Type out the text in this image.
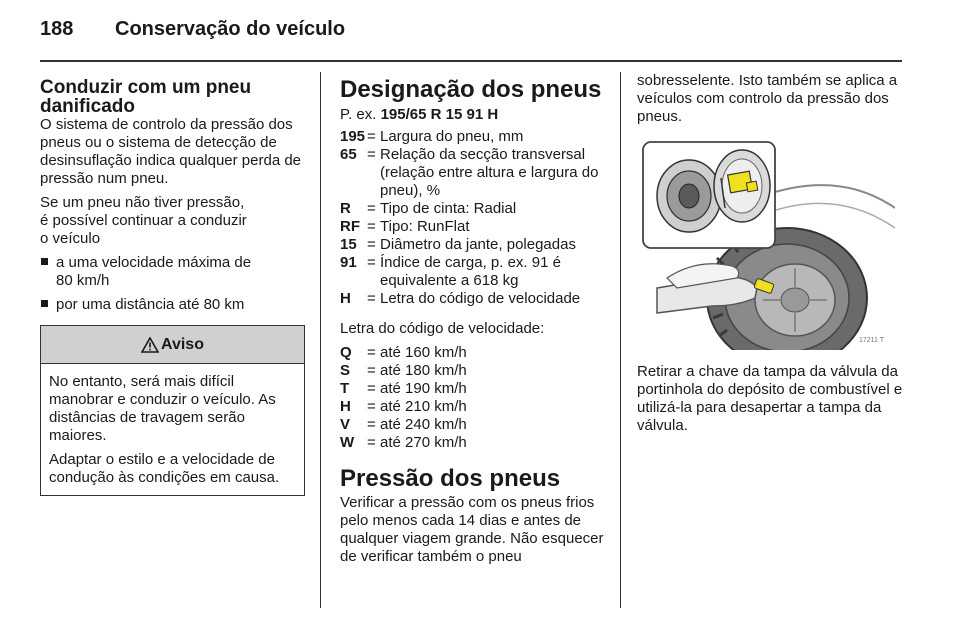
188 Conservação do veículo
Conduzir com um pneu danificado

O sistema de controlo da pressão dos pneus ou o sistema de detecção de desinsuflação indica qualquer perda de pressão num pneu.

Se um pneu não tiver pressão,
é possível continuar a conduzir
o veículo

a uma velocidade máxima de
80 km/h
por uma distância até 80 km
Aviso

No entanto, será mais difícil manobrar e conduzir o veículo. As distâncias de travagem serão maiores.

Adaptar o estilo e a velocidade de condução às condições em causa.

Designação dos pneus

P. ex. 195/65 R 15 91 H

195 = Largura do pneu, mm
65 = Relação da secção transversal (relação entre altura e largura do pneu), %
R	= Tipo de cinta: Radial
RF = Tipo: RunFlat
15 = Diâmetro da jante, polegadas
91 = Índice de carga, p. ex. 91 é equivalente a 618 kg
H	= Letra do código de velocidade

Letra do código de velocidade:

Q	= até 160 km/h
S	= até 180 km/h
T	= até 190 km/h
H	= até 210 km/h
V	= até 240 km/h
W = até 270 km/h
Pressão dos pneus

Verificar a pressão com os pneus frios pelo menos cada 14 dias e antes de qualquer viagem grande. Não esquecer de verificar também o pneu

sobresselente. Isto também se aplica a veículos com controlo da pressão dos pneus.

17211 T

Retirar a chave da tampa da válvula da portinhola do depósito de combustível e utilizá-la para desapertar a tampa da válvula.
